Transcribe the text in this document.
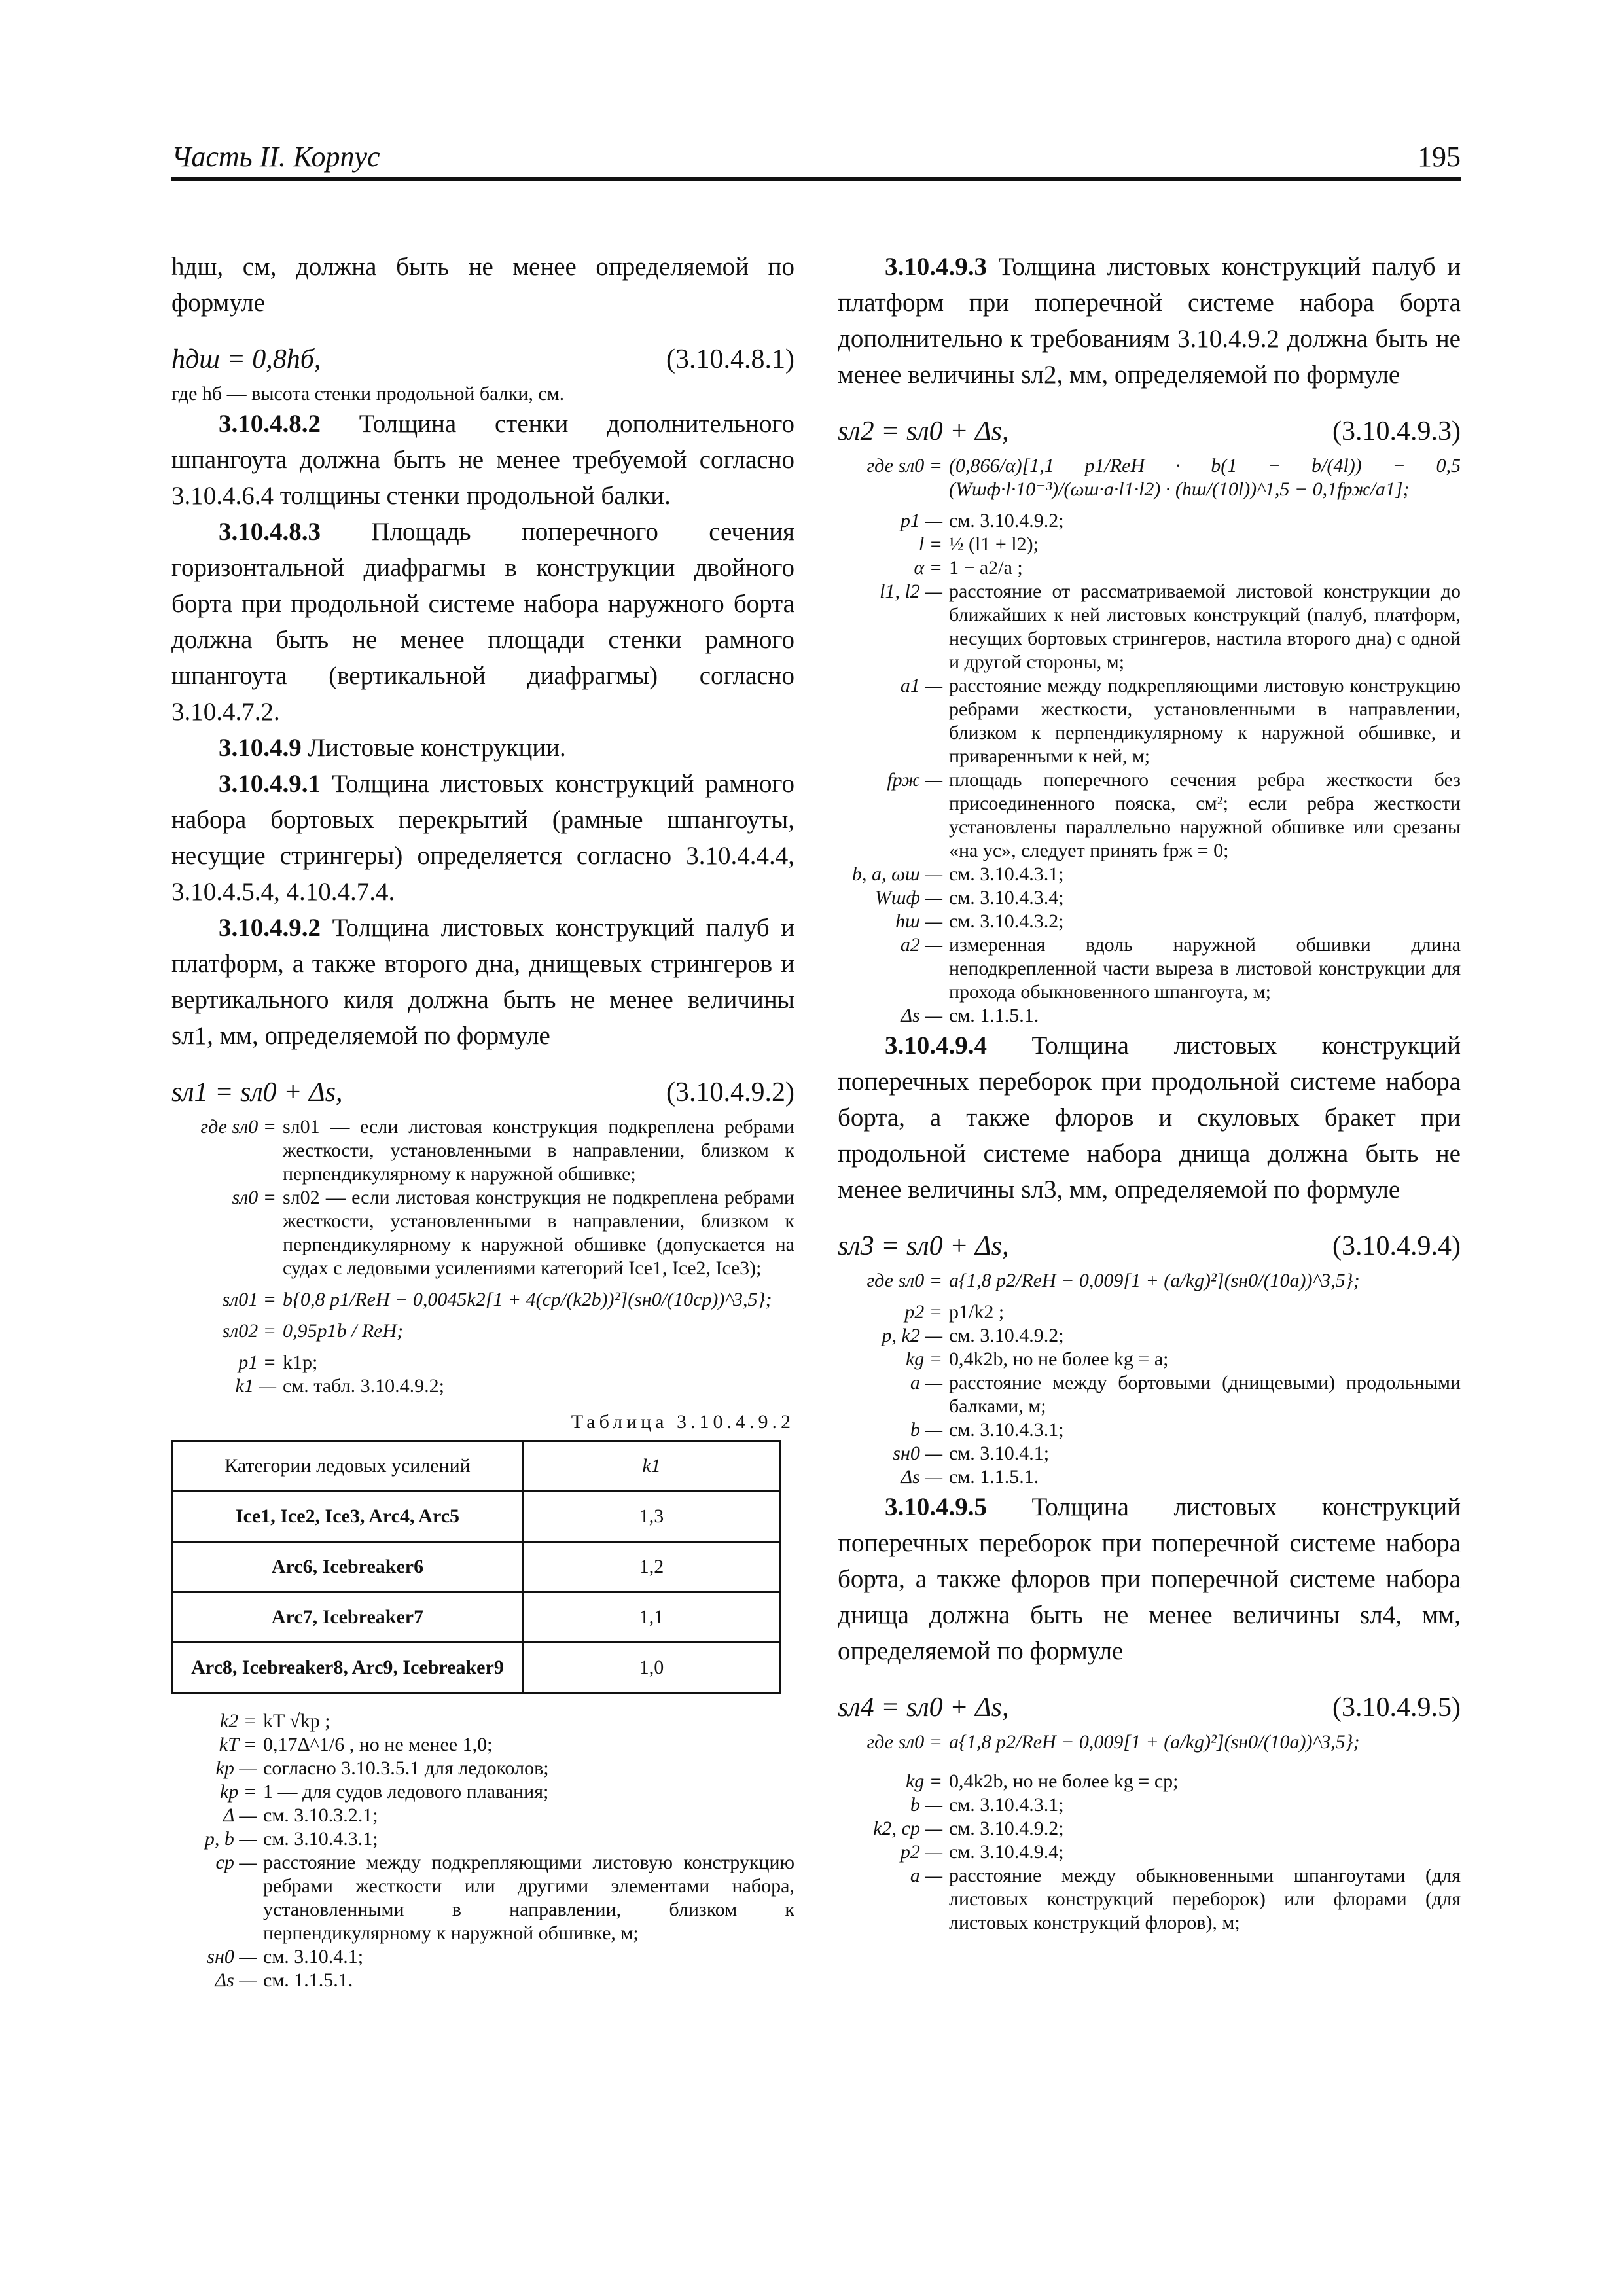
Часть II. Корпус	195

hдш, см, должна быть не менее определяемой по формуле

hдш = 0,8hб,	(3.10.4.8.1)

где hб — высота стенки продольной балки, см.

3.10.4.8.2 Толщина стенки дополнительного шпангоута должна быть не менее требуемой согласно 3.10.4.6.4 толщины стенки продольной балки.

3.10.4.8.3 Площадь поперечного сечения горизонтальной диафрагмы в конструкции двойного борта при продольной системе набора наружного борта должна быть не менее площади стенки рамного шпангоута (вертикальной диафрагмы) согласно 3.10.4.7.2.

3.10.4.9 Листовые конструкции.

3.10.4.9.1 Толщина листовых конструкций рамного набора бортовых перекрытий (рамные шпангоуты, несущие стрингеры) определяется согласно 3.10.4.4.4, 3.10.4.5.4, 4.10.4.7.4.

3.10.4.9.2 Толщина листовых конструкций палуб и платформ, а также второго дна, днищевых стрингеров и вертикального киля должна быть не менее величины sл1, мм, определяемой по формуле

sл1 = sл0 + Δs,	(3.10.4.9.2)
где sл0 = sл01 — если листовая конструкция подкреплена ребрами жесткости, установленными в направлении, близком к перпендикулярному к наружной обшивке;
sл0 = sл02 — если листовая конструкция не подкреплена ребрами жесткости, установленными в направлении, близком к перпендикулярному к наружной обшивке (допускается на судах с ледовыми усилениями категорий Ice1, Ice2, Ice3);
sл01 = b{0,8 p1/ReH − 0,0045k2[1 + 4(cp/(k2b))²](sн0/(10cp))^3,5};
sл02 = 0,95p1b / ReH;
p1 = k1p;
k1 — см. табл. 3.10.4.9.2;
Таблица 3.10.4.9.2
Категории ледовых усилений	k1
Ice1, Ice2, Ice3, Arc4, Arc5	1,3
Arc6, Icebreaker6	1,2
Arc7, Icebreaker7	1,1
Arc8, Icebreaker8, Arc9, Icebreaker9	1,0
k2 = kT √kp ;
kT = 0,17Δ^1/6 , но не менее 1,0;
kp — согласно 3.10.3.5.1 для ледоколов;
kp = 1 — для судов ледового плавания;
Δ — см. 3.10.3.2.1;
p, b — см. 3.10.4.3.1;
cp — расстояние между подкрепляющими листовую конструкцию ребрами жесткости или другими элементами набора, установленными в направлении, близком к перпендикулярному к наружной обшивке, м;
sн0 — см. 3.10.4.1;
Δs — см. 1.1.5.1.

3.10.4.9.3 Толщина листовых конструкций палуб и платформ при поперечной системе набора борта дополнительно к требованиям 3.10.4.9.2 должна быть не менее величины sл2, мм, определяемой по формуле

sл2 = sл0 + Δs,	(3.10.4.9.3)
где sл0 = (0,866/α)[1,1 p1/ReH · b(1 − b/(4l)) − 0,5 (Wшф·l·10⁻³)/(ωш·a·l1·l2) · (hш/(10l))^1,5 − 0,1fрж/a1];
p1 — см. 3.10.4.9.2;
l = ½ (l1 + l2);
α = 1 − a2/a ;
l1, l2 — расстояние от рассматриваемой листовой конструкции до ближайших к ней листовых конструкций (палуб, платформ, несущих бортовых стрингеров, настила второго дна) с одной и другой стороны, м;
a1 — расстояние между подкрепляющими листовую конструкцию ребрами жесткости, установленными в направлении, близком к перпендикулярному к наружной обшивке, и приваренными к ней, м;
fрж — площадь поперечного сечения ребра жесткости без присоединенного пояска, см²; если ребра жесткости установлены параллельно наружной обшивке или срезаны «на ус», следует принять fрж = 0;
b, a, ωш — см. 3.10.4.3.1;
Wшф — см. 3.10.4.3.4;
hш — см. 3.10.4.3.2;
a2 — измеренная вдоль наружной обшивки длина неподкрепленной части выреза в листовой конструкции для прохода обыкновенного шпангоута, м;
Δs — см. 1.1.5.1.

3.10.4.9.4 Толщина листовых конструкций поперечных переборок при продольной системе набора борта, а также флоров и скуловых бракет при продольной системе набора днища должна быть не менее величины sл3, мм, определяемой по формуле

sл3 = sл0 + Δs,	(3.10.4.9.4)
где sл0 = a{1,8 p2/ReH − 0,009[1 + (a/kg)²](sн0/(10a))^3,5};
p2 = p1/k2 ;
p, k2 — см. 3.10.4.9.2;
kg = 0,4k2b, но не более kg = a;
a — расстояние между бортовыми (днищевыми) продольными балками, м;
b — см. 3.10.4.3.1;
sн0 — см. 3.10.4.1;
Δs — см. 1.1.5.1.

3.10.4.9.5 Толщина листовых конструкций поперечных переборок при поперечной системе набора борта, а также флоров при поперечной системе набора днища должна быть не менее величины sл4, мм, определяемой по формуле

sл4 = sл0 + Δs,	(3.10.4.9.5)
где sл0 = a{1,8 p2/ReH − 0,009[1 + (a/kg)²](sн0/(10a))^3,5};
kg = 0,4k2b, но не более kg = cp;
b — см. 3.10.4.3.1;
k2, cp — см. 3.10.4.9.2;
p2 — см. 3.10.4.9.4;
a — расстояние между обыкновенными шпангоутами (для листовых конструкций переборок) или флорами (для листовых конструкций флоров), м;
